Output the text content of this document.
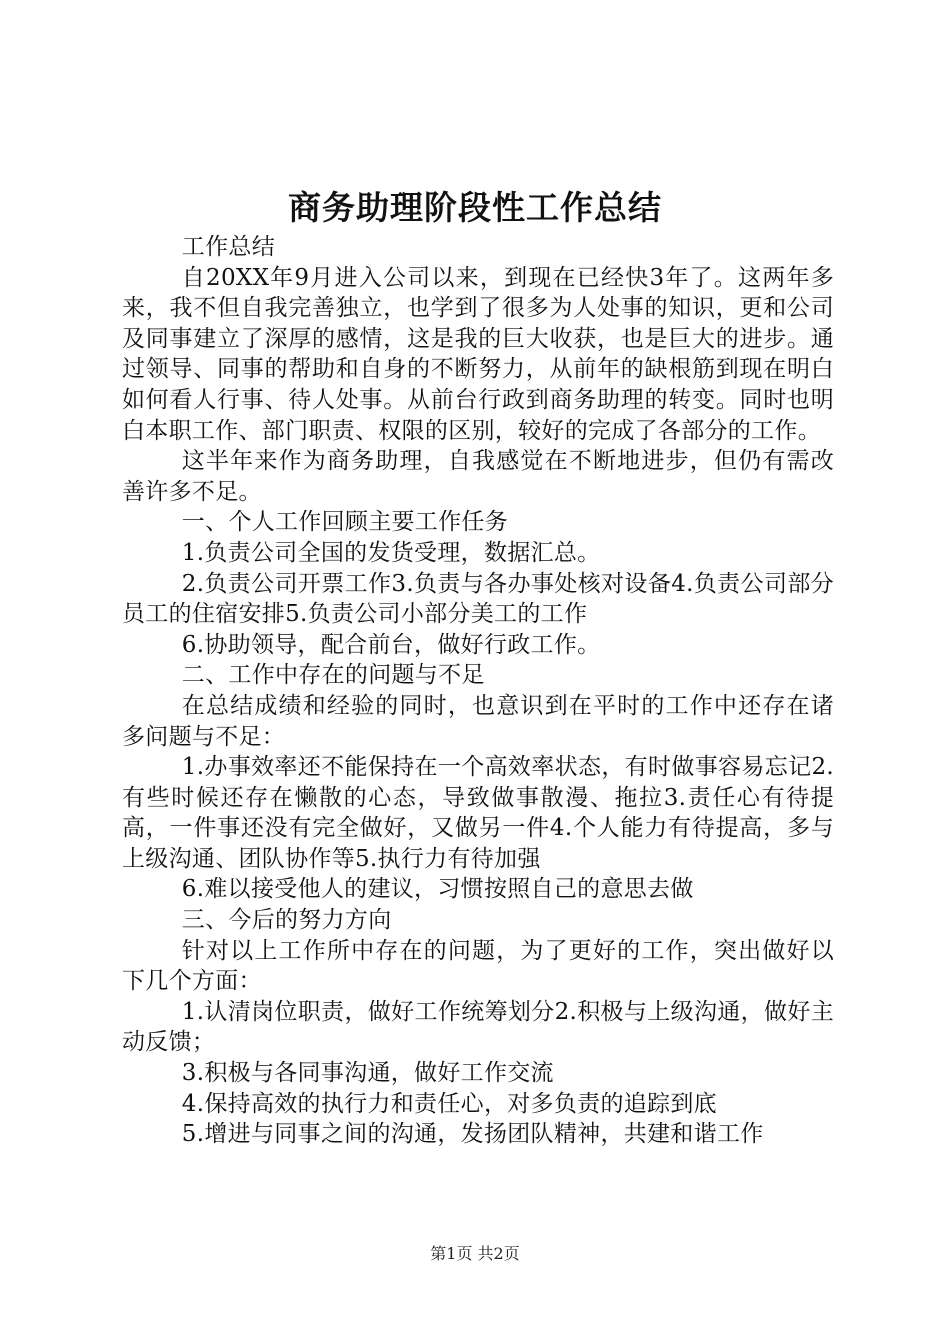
商务助理阶段性工作总结

工作总结

自20XX年9月进入公司以来，到现在已经快3年了。这两年多来，我不但自我完善独立，也学到了很多为人处事的知识，更和公司及同事建立了深厚的感情，这是我的巨大收获，也是巨大的进步。通过领导、同事的帮助和自身的不断努力，从前年的缺根筋到现在明白如何看人行事、待人处事。从前台行政到商务助理的转变。同时也明白本职工作、部门职责、权限的区别，较好的完成了各部分的工作。

这半年来作为商务助理，自我感觉在不断地进步，但仍有需改善许多不足。

一、个人工作回顾主要工作任务

1.负责公司全国的发货受理，数据汇总。

2.负责公司开票工作3.负责与各办事处核对设备4.负责公司部分员工的住宿安排5.负责公司小部分美工的工作

6.协助领导，配合前台，做好行政工作。

二、工作中存在的问题与不足

在总结成绩和经验的同时，也意识到在平时的工作中还存在诸多问题与不足：

1.办事效率还不能保持在一个高效率状态，有时做事容易忘记2.有些时候还存在懒散的心态，导致做事散漫、拖拉3.责任心有待提高，一件事还没有完全做好，又做另一件4.个人能力有待提高，多与上级沟通、团队协作等5.执行力有待加强

6.难以接受他人的建议，习惯按照自己的意思去做

三、今后的努力方向

针对以上工作所中存在的问题，为了更好的工作，突出做好以下几个方面：

1.认清岗位职责，做好工作统筹划分2.积极与上级沟通，做好主动反馈；

3.积极与各同事沟通，做好工作交流

4.保持高效的执行力和责任心，对多负责的追踪到底

5.增进与同事之间的沟通，发扬团队精神，共建和谐工作

第1页 共2页
